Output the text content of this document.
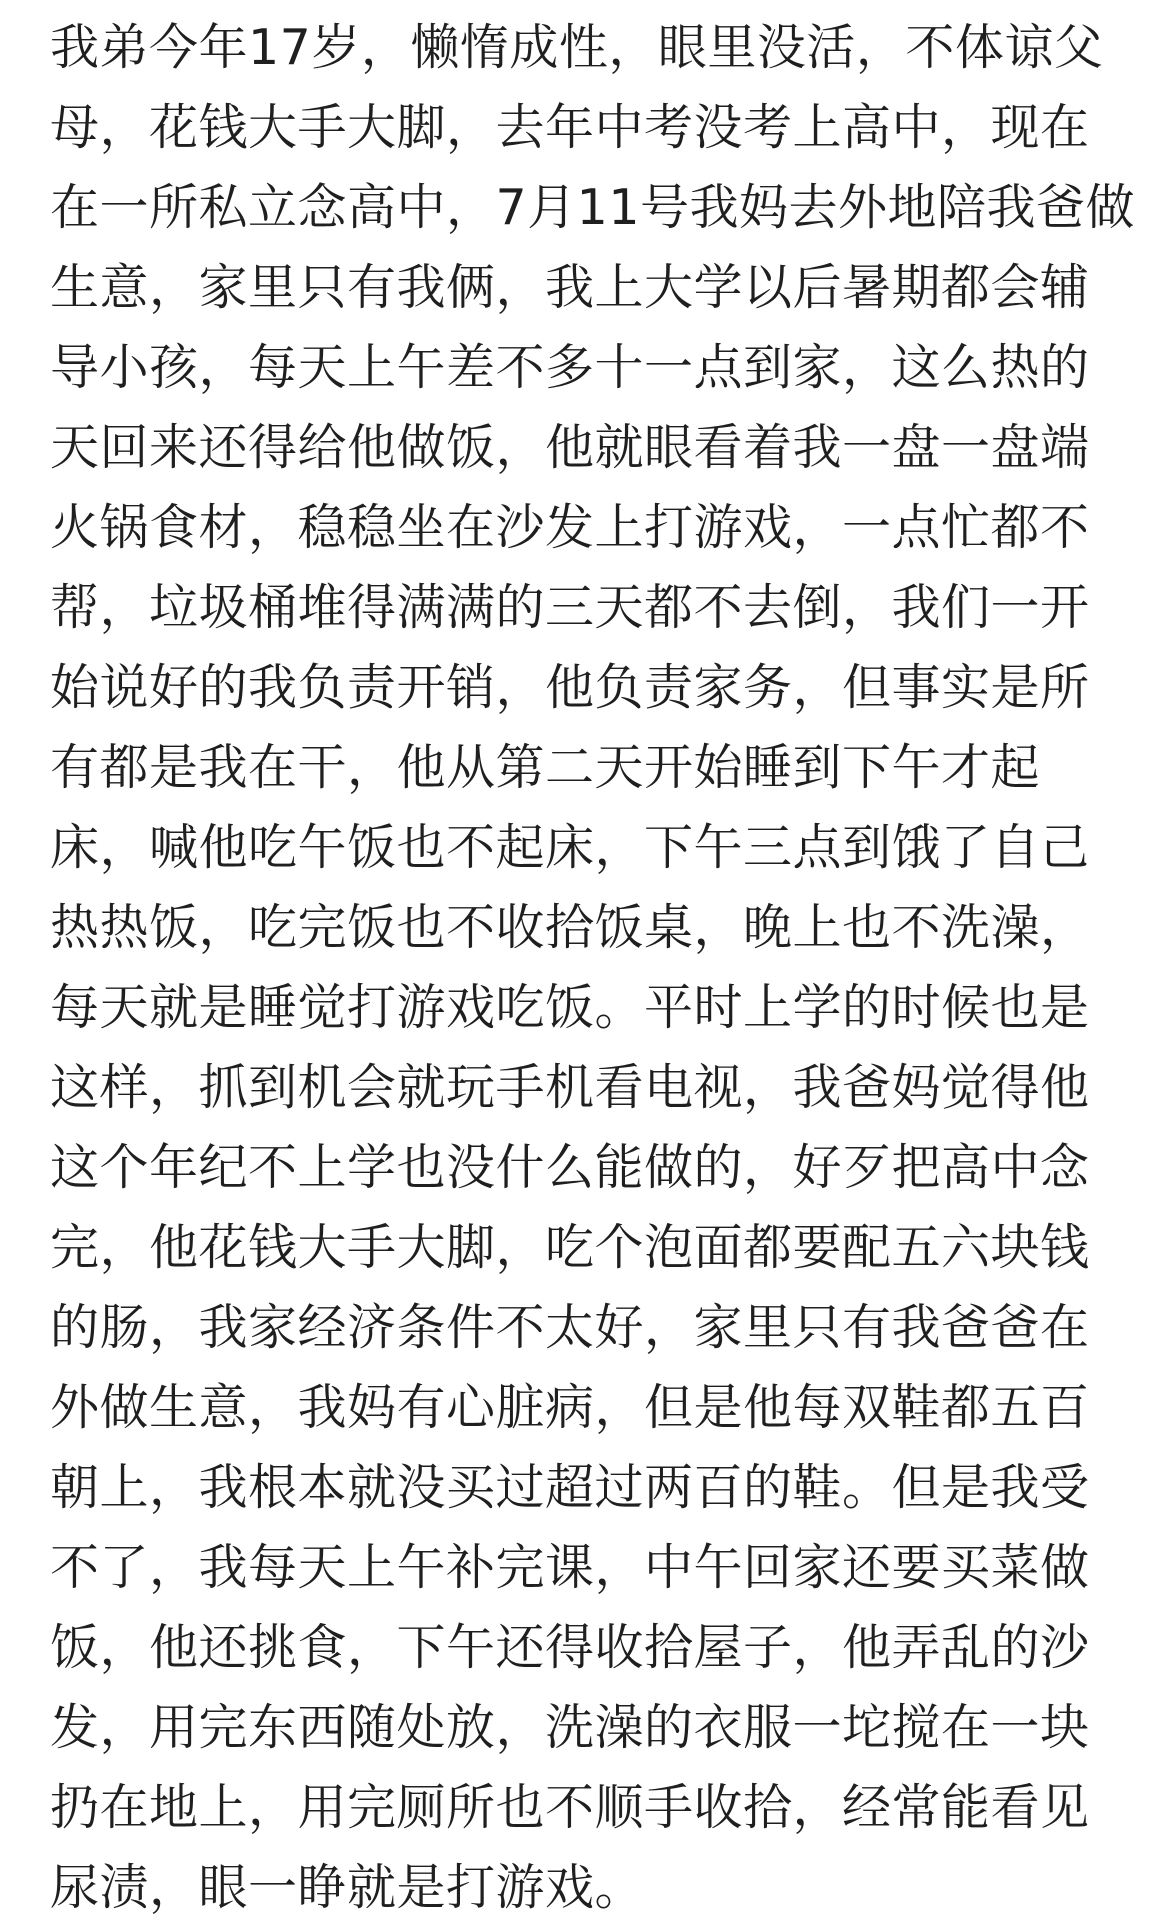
我弟今年17岁，懒惰成性，眼里没活，不体谅父
母，花钱大手大脚，去年中考没考上高中，现在
在一所私立念高中，7月11号我妈去外地陪我爸做
生意，家里只有我俩，我上大学以后暑期都会辅
导小孩，每天上午差不多十一点到家，这么热的
天回来还得给他做饭，他就眼看着我一盘一盘端
火锅食材，稳稳坐在沙发上打游戏，一点忙都不
帮，垃圾桶堆得满满的三天都不去倒，我们一开
始说好的我负责开销，他负责家务，但事实是所
有都是我在干，他从第二天开始睡到下午才起
床，喊他吃午饭也不起床，下午三点到饿了自己
热热饭，吃完饭也不收拾饭桌，晚上也不洗澡，
每天就是睡觉打游戏吃饭。平时上学的时候也是
这样，抓到机会就玩手机看电视，我爸妈觉得他
这个年纪不上学也没什么能做的，好歹把高中念
完，他花钱大手大脚，吃个泡面都要配五六块钱
的肠，我家经济条件不太好，家里只有我爸爸在
外做生意，我妈有心脏病，但是他每双鞋都五百
朝上，我根本就没买过超过两百的鞋。但是我受
不了，我每天上午补完课，中午回家还要买菜做
饭，他还挑食，下午还得收拾屋子，他弄乱的沙
发，用完东西随处放，洗澡的衣服一坨搅在一块
扔在地上，用完厕所也不顺手收拾，经常能看见
尿渍，眼一睁就是打游戏。
